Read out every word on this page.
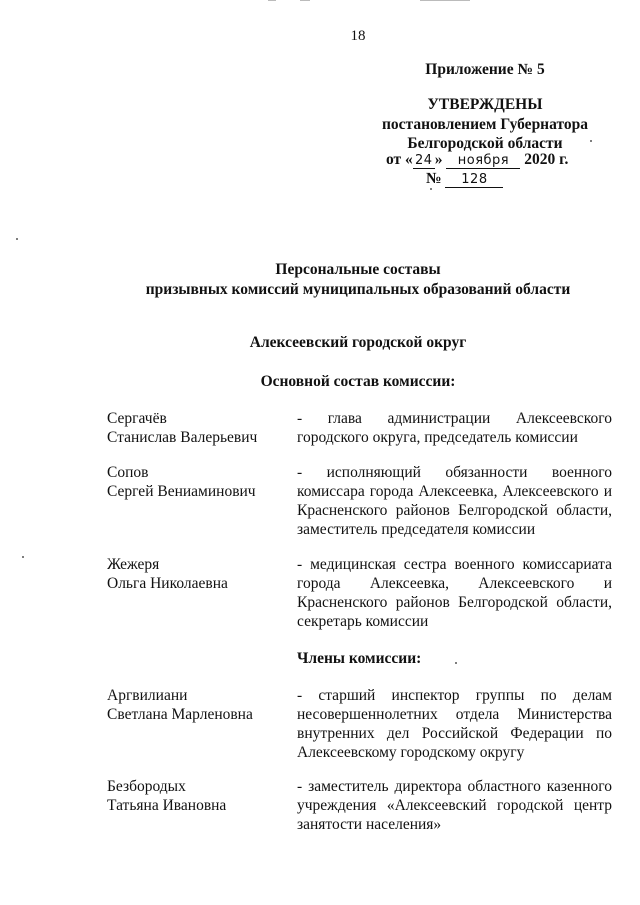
18
Приложение № 5
УТВЕРЖДЕНЫ
постановлением Губернатора
Белгородской области
от « 24 » ноября 2020 г.
№ 128
Персональные составы
призывных комиссий муниципальных образований области
Алексеевский городской округ
Основной состав комиссии:
Сергачёв
Станислав Валерьевич
- глава администрации Алексеевского городского округа, председатель комиссии
Сопов
Сергей Вениаминович
- исполняющий обязанности военного комиссара города Алексеевка, Алексеевского и Красненского районов Белгородской области, заместитель председателя комиссии
Жежеря
Ольга Николаевна
- медицинская сестра военного комиссариата города Алексеевка, Алексеевского и Красненского районов Белгородской области, секретарь комиссии
Члены комиссии:
Аргвилиани
Светлана Марленовна
- старший инспектор группы по делам несовершеннолетних отдела Министерства внутренних дел Российской Федерации по Алексеевскому городскому округу
Безбородых
Татьяна Ивановна
- заместитель директора областного казенного учреждения «Алексеевский городской центр занятости населения»
